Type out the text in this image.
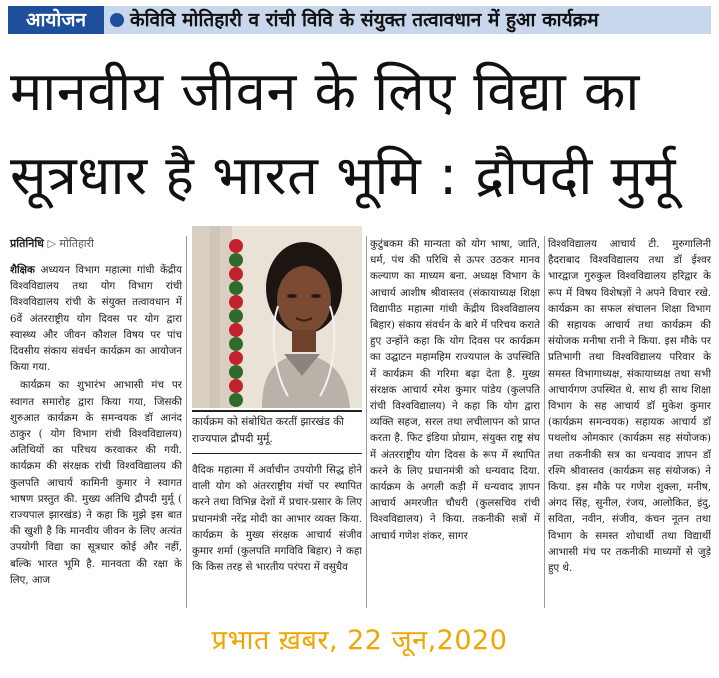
आयोजन	केविवि मोतिहारी व रांची विवि के संयुक्त तत्वावधान में हुआ कार्यक्रम
मानवीय जीवन के लिए विद्या का
सूत्रधार है भारत भूमि : द्रौपदी मुर्मू
प्रतिनिधि ▷ मोतिहारी

शैक्षिक अध्ययन विभाग महात्मा गांधी केंद्रीय विश्वविद्यालय तथा योग विभाग रांची विश्वविद्यालय रांची के संयुक्त तत्वावधान में 6वें अंतरराष्ट्रीय योग दिवस पर योग द्वारा स्वास्थ्य और जीवन कौशल विषय पर पांच दिवसीय संकाय संवर्धन कार्यक्रम का आयोजन किया गया.

कार्यक्रम का शुभारंभ आभासी मंच पर स्वागत समारोह द्वारा किया गया, जिसकी शुरुआत कार्यक्रम के समन्वयक डॉ आनंद ठाकुर ( योग विभाग रांची विश्वविद्यालय) अतिथियों का परिचय करवाकर की गयी. कार्यक्रम की संरक्षक रांची विश्वविद्यालय की कुलपति आचार्य कामिनी कुमार ने स्वागत भाषण प्रस्तुत की. मुख्य अतिथि द्रौपदी मुर्मू ( राज्यपाल झारखंड) ने कहा कि मुझे इस बात की खुशी है कि मानवीय जीवन के लिए अत्यंत उपयोगी विद्या का सूत्रधार कोई और नहीं, बल्कि भारत भूमि है. मानवता की रक्षा के लिए, आज

कार्यक्रम को संबोधित करतीं झारखंड की राज्यपाल द्रौपदी मुर्मू.

वैदिक महात्मा में अर्वाचीन उपयोगी सिद्ध होने वाली योग को अंतरराष्ट्रीय मंचों पर स्थापित करने तथा विभिन्न देशों में प्रचार-प्रसार के लिए प्रधानमंत्री नरेंद्र मोदी का आभार व्यक्त किया. कार्यक्रम के मुख्य संरक्षक आचार्य संजीव कुमार शर्मा (कुलपति मगविवि बिहार) ने कहा कि किस तरह से भारतीय परंपरा में वसुधैव

कुटुंबकम की मान्यता को योग भाषा, जाति, धर्म, पंथ की परिधि से ऊपर उठकर मानव कल्याण का माध्यम बना. अध्यक्ष विभाग के आचार्य आशीष श्रीवास्तव (संकायाध्यक्ष शिक्षा विद्यापीठ महात्मा गांधी केंद्रीय विश्वविद्यालय बिहार) संकाय संवर्धन के बारे में परिचय कराते हुए उन्होंने कहा कि योग दिवस पर कार्यक्रम का उद्घाटन महामहिम राज्यपाल के उपस्थिति में कार्यक्रम की गरिमा बढ़ा देता है. मुख्य संरक्षक आचार्य रमेश कुमार पांडेय (कुलपति रांची विश्वविद्यालय) ने कहा कि योग द्वारा व्यक्ति सहज, सरल तथा लचीलापन को प्राप्त करता है. फिट इंडिया प्रोग्राम, संयुक्त राष्ट्र संघ में अंतरराष्ट्रीय योग दिवस के रूप में स्थापित करने के लिए प्रधानमंत्री को धन्यवाद दिया. कार्यक्रम के अगली कड़ी में धन्यवाद ज्ञापन आचार्य अमरजीत चौधरी (कुलसचिव रांची विश्वविद्यालय) ने किया. तकनीकी सत्रों में आचार्य गणेश शंकर, सागर

विश्वविद्यालय आचार्य टी. मुरुगालिनी हैदराबाद विश्वविद्यालय तथा डॉ ईश्वर भारद्वाज गुरुकुल विश्वविद्यालय हरिद्वार के रूप में विषय विशेषज्ञों ने अपने विचार रखे. कार्यक्रम का सफल संचालन शिक्षा विभाग की सहायक आचार्य तथा कार्यक्रम की संयोजक मनीषा रानी ने किया. इस मौके पर प्रतिभागी तथा विश्वविद्यालय परिवार के समस्त विभागाध्यक्ष, संकायाध्यक्ष तथा सभी आचार्यगण उपस्थित थे. साथ ही साथ शिक्षा विभाग के सह आचार्य डॉ मुकेश कुमार (कार्यक्रम समन्वयक) सहायक आचार्य डॉ पथलोथ ओमकार (कार्यक्रम सह संयोजक) तथा तकनीकी सत्र का धन्यवाद ज्ञापन डॉ रश्मि श्रीवास्तव (कार्यक्रम सह संयोजक) ने किया. इस मौके पर गणेश शुक्ला, मनीष, अंगद सिंह, सुनील, रंजय, आलोकित, इंदु, सविता, नवीन, संजीव, कंचन नूतन तथा विभाग के समस्त शोधार्थी तथा विद्यार्थी आभासी मंच पर तकनीकी माध्यमों से जुड़े हुए थे.

प्रभात ख़बर, 22 जून,2020
